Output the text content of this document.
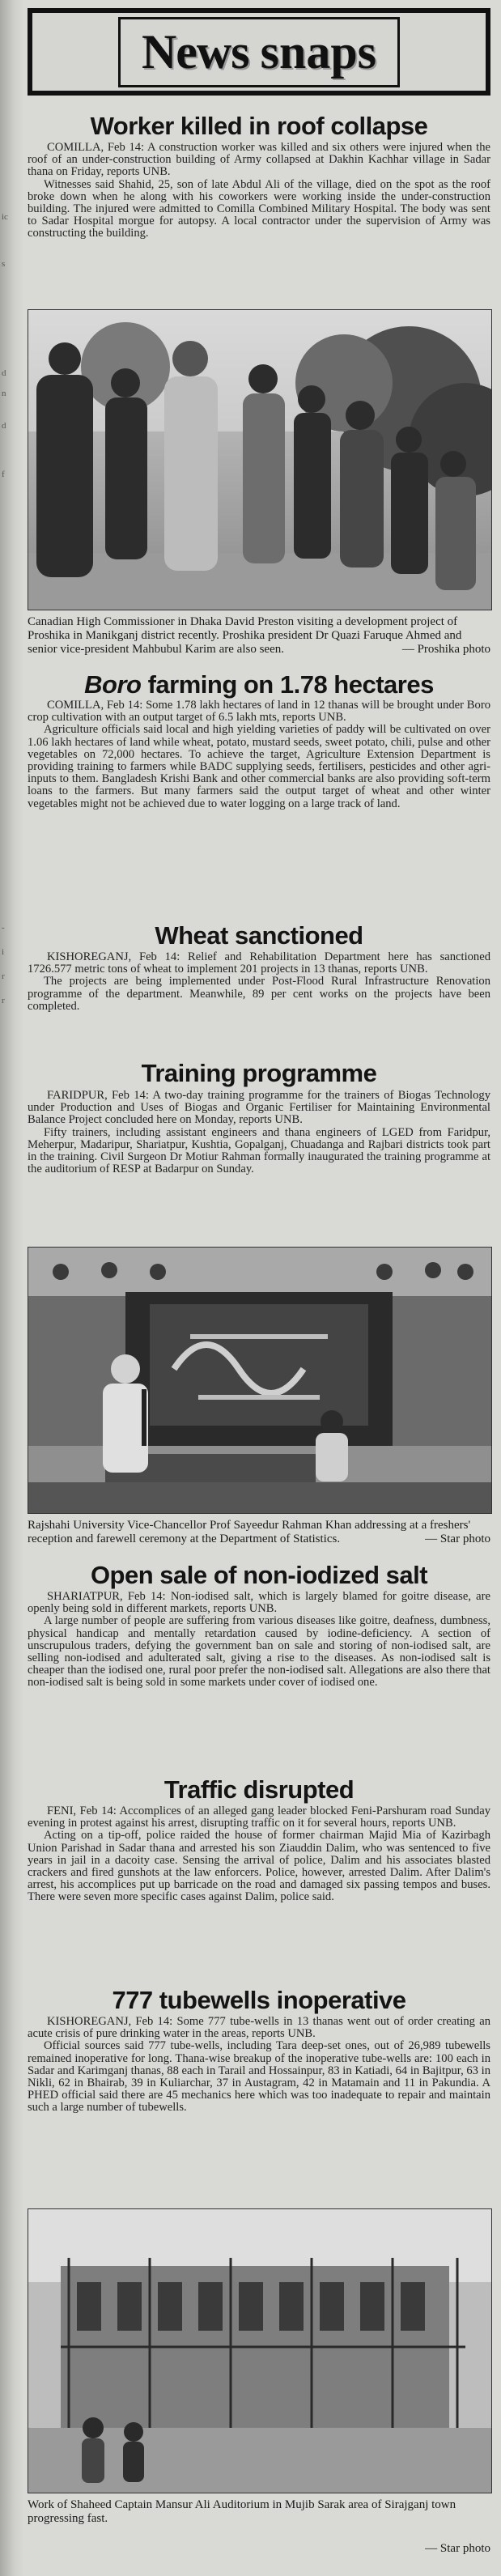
ic
s
d
n
d
f
-
i
r
r
News snaps
Worker killed in roof collapse

COMILLA, Feb 14: A construction worker was killed and six others were injured when the roof of an under-construction building of Army collapsed at Dakhin Kachhar village in Sadar thana on Friday, reports UNB.

Witnesses said Shahid, 25, son of late Abdul Ali of the village, died on the spot as the roof broke down when he along with his coworkers were working inside the under-construction building. The injured were admitted to Comilla Combined Military Hospital. The body was sent to Sadar Hospital morgue for autopsy. A local contractor under the supervision of Army was constructing the building.

Canadian High Commissioner in Dhaka David Preston visiting a development project of Proshika in Manikganj district recently. Proshika president Dr Quazi Faruque Ahmed and senior vice-president Mahbubul Karim are also seen.	— Proshika photo

Boro farming on 1.78 hectares

COMILLA, Feb 14: Some 1.78 lakh hectares of land in 12 thanas will be brought under Boro crop cultivation with an output target of 6.5 lakh mts, reports UNB.

Agriculture officials said local and high yielding varieties of paddy will be cultivated on over 1.06 lakh hectares of land while wheat, potato, mustard seeds, sweet potato, chili, pulse and other vegetables on 72,000 hectares. To achieve the target, Agriculture Extension Department is providing training to farmers while BADC supplying seeds, fertilisers, pesticides and other agri-inputs to them. Bangladesh Krishi Bank and other commercial banks are also providing soft-term loans to the farmers. But many farmers said the output target of wheat and other winter vegetables might not be achieved due to water logging on a large track of land.

Wheat sanctioned

KISHOREGANJ, Feb 14: Relief and Rehabilitation Department here has sanctioned 1726.577 metric tons of wheat to implement 201 projects in 13 thanas, reports UNB.

The projects are being implemented under Post-Flood Rural Infrastructure Renovation programme of the department. Meanwhile, 89 per cent works on the projects have been completed.

Training programme

FARIDPUR, Feb 14: A two-day training programme for the trainers of Biogas Technology under Production and Uses of Biogas and Organic Fertiliser for Maintaining Environmental Balance Project concluded here on Monday, reports UNB.

Fifty trainers, including assistant engineers and thana engineers of LGED from Faridpur, Meherpur, Madaripur, Shariatpur, Kushtia, Gopalganj, Chuadanga and Rajbari districts took part in the training. Civil Surgeon Dr Motiur Rahman formally inaugurated the training programme at the auditorium of RESP at Badarpur on Sunday.

Rajshahi University Vice-Chancellor Prof Sayeedur Rahman Khan addressing at a freshers' reception and farewell ceremony at the Department of Statistics.	— Star photo

Open sale of non-iodized salt

SHARIATPUR, Feb 14: Non-iodised salt, which is largely blamed for goitre disease, are openly being sold in different markets, reports UNB.

A large number of people are suffering from various diseases like goitre, deafness, dumbness, physical handicap and mentally retardation caused by iodine-deficiency. A section of unscrupulous traders, defying the government ban on sale and storing of non-iodised salt, are selling non-iodised and adulterated salt, giving a rise to the diseases. As non-iodised salt is cheaper than the iodised one, rural poor prefer the non-iodised salt. Allegations are also there that non-iodised salt is being sold in some markets under cover of iodised one.

Traffic disrupted

FENI, Feb 14: Accomplices of an alleged gang leader blocked Feni-Parshuram road Sunday evening in protest against his arrest, disrupting traffic on it for several hours, reports UNB.

Acting on a tip-off, police raided the house of former chairman Majid Mia of Kazirbagh Union Parishad in Sadar thana and arrested his son Ziauddin Dalim, who was sentenced to five years in jail in a dacoity case. Sensing the arrival of police, Dalim and his associates blasted crackers and fired gunshots at the law enforcers. Police, however, arrested Dalim. After Dalim's arrest, his accomplices put up barricade on the road and damaged six passing tempos and buses. There were seven more specific cases against Dalim, police said.

777 tubewells inoperative

KISHOREGANJ, Feb 14: Some 777 tube-wells in 13 thanas went out of order creating an acute crisis of pure drinking water in the areas, reports UNB.

Official sources said 777 tube-wells, including Tara deep-set ones, out of 26,989 tubewells remained inoperative for long. Thana-wise breakup of the inoperative tube-wells are: 100 each in Sadar and Karimganj thanas, 88 each in Tarail and Hossainpur, 83 in Katiadi, 64 in Bajitpur, 63 in Nikli, 62 in Bhairab, 39 in Kuliarchar, 37 in Austagram, 42 in Matamain and 11 in Pakundia. A PHED official said there are 45 mechanics here which was too inadequate to repair and maintain such a large number of tubewells.

Work of Shaheed Captain Mansur Ali Auditorium in Mujib Sarak area of Sirajganj town progressing fast.

— Star photo
